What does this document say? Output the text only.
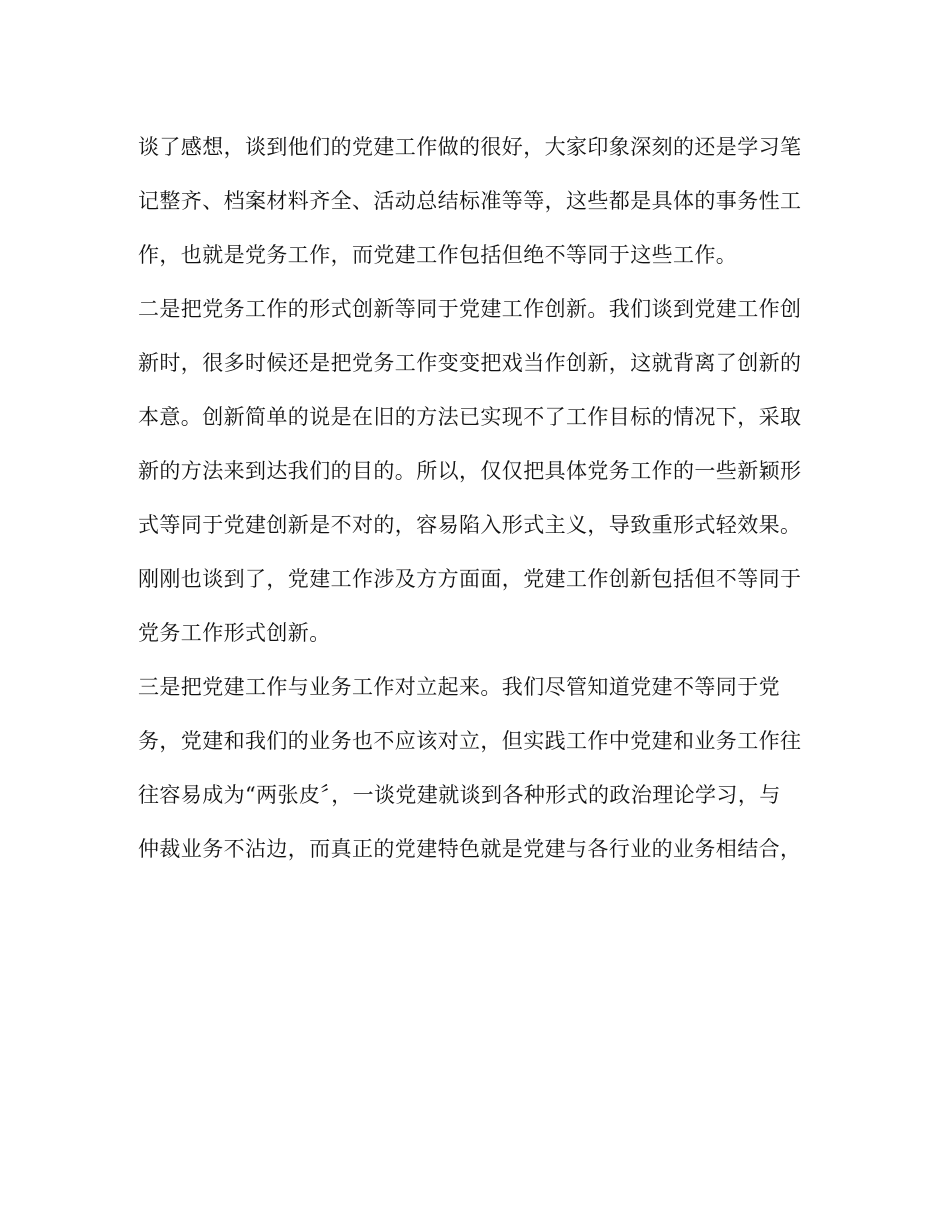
谈了感想，谈到他们的党建工作做的很好，大家印象深刻的还是学习笔

记整齐、档案材料齐全、活动总结标准等等，这些都是具体的事务性工

作，也就是党务工作，而党建工作包括但绝不等同于这些工作。

二是把党务工作的形式创新等同于党建工作创新。我们谈到党建工作创

新时，很多时候还是把党务工作变变把戏当作创新，这就背离了创新的

本意。创新简单的说是在旧的方法已实现不了工作目标的情况下，采取

新的方法来到达我们的目的。所以，仅仅把具体党务工作的一些新颖形

式等同于党建创新是不对的，容易陷入形式主义，导致重形式轻效果。

刚刚也谈到了，党建工作涉及方方面面，党建工作创新包括但不等同于

党务工作形式创新。

三是把党建工作与业务工作对立起来。我们尽管知道党建不等同于党

务，党建和我们的业务也不应该对立，但实践工作中党建和业务工作往

往容易成为“两张皮〞，一谈党建就谈到各种形式的政治理论学习，与

仲裁业务不沾边，而真正的党建特色就是党建与各行业的业务相结合，
